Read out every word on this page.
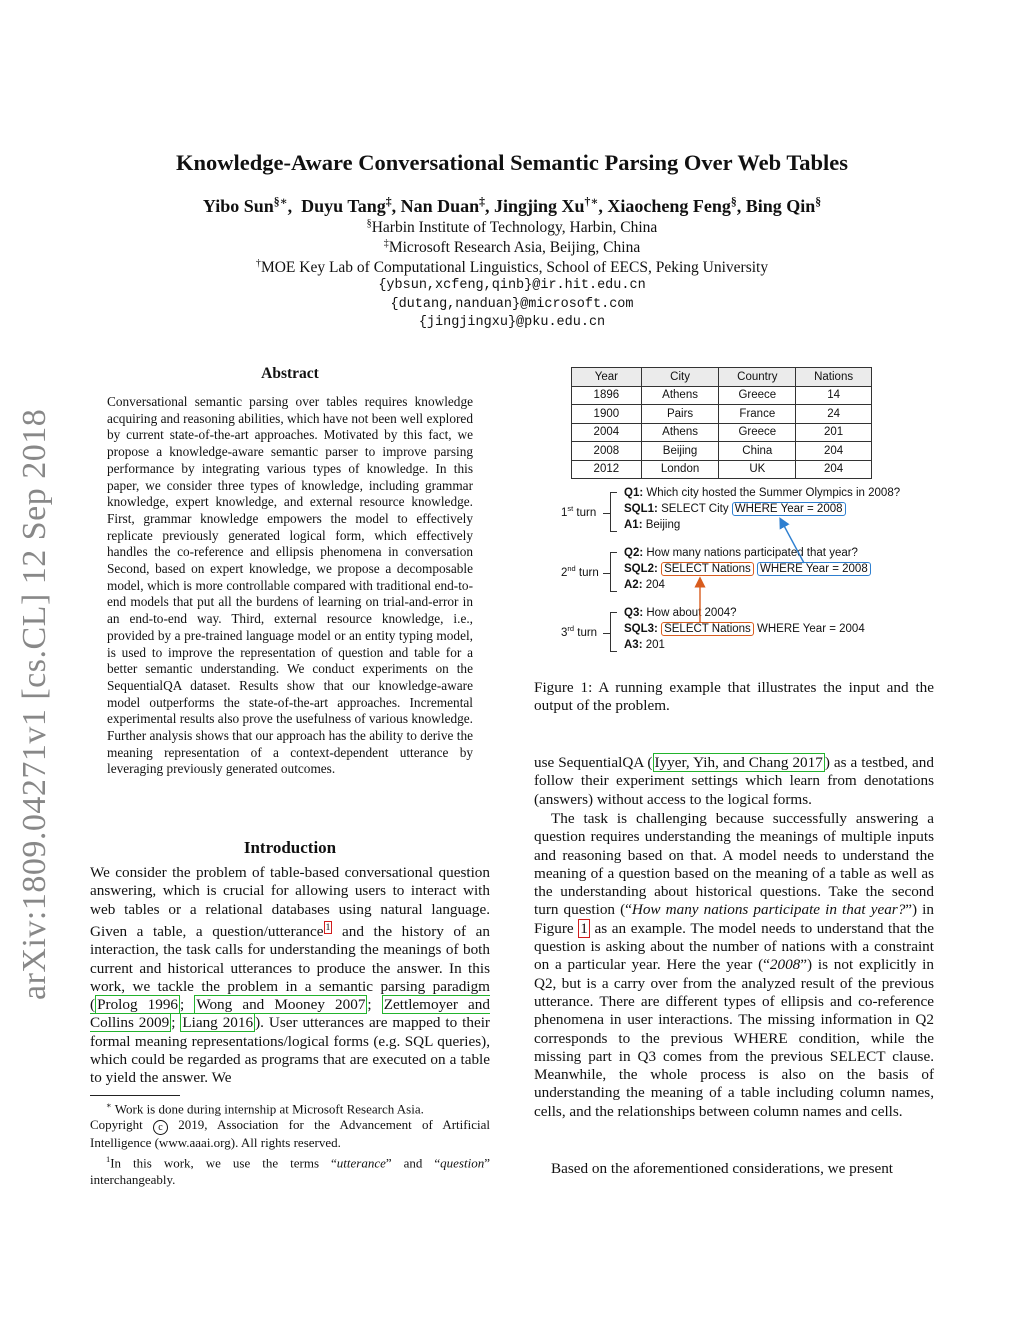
Knowledge-Aware Conversational Semantic Parsing Over Web Tables
Yibo Sun§∗,  Duyu Tang‡, Nan Duan‡, Jingjing Xu†∗, Xiaocheng Feng§, Bing Qin§
§Harbin Institute of Technology, Harbin, China
‡Microsoft Research Asia, Beijing, China
†MOE Key Lab of Computational Linguistics, School of EECS, Peking University
{ybsun,xcfeng,qinb}@ir.hit.edu.cn
{dutang,nanduan}@microsoft.com
{jingjingxu}@pku.edu.cn
arXiv:1809.04271v1 [cs.CL] 12 Sep 2018
Abstract
Conversational semantic parsing over tables requires knowledge acquiring and reasoning abilities, which have not been well explored by current state-of-the-art approaches. Motivated by this fact, we propose a knowledge-aware semantic parser to improve parsing performance by integrating various types of knowledge. In this paper, we consider three types of knowledge, including grammar knowledge, expert knowledge, and external resource knowledge. First, grammar knowledge empowers the model to effectively replicate previously generated logical form, which effectively handles the co-reference and ellipsis phenomena in conversation Second, based on expert knowledge, we propose a decomposable model, which is more controllable compared with traditional end-to-end models that put all the burdens of learning on trial-and-error in an end-to-end way. Third, external resource knowledge, i.e., provided by a pre-trained language model or an entity typing model, is used to improve the representation of question and table for a better semantic understanding. We conduct experiments on the SequentialQA dataset. Results show that our knowledge-aware model outperforms the state-of-the-art approaches. Incremental experimental results also prove the usefulness of various knowledge. Further analysis shows that our approach has the ability to derive the meaning representation of a context-dependent utterance by leveraging previously generated outcomes.
Introduction
We consider the problem of table-based conversational question answering, which is crucial for allowing users to interact with web tables or a relational databases using natural language. Given a table, a question/utterance $^1$ and the history of an interaction, the task calls for understanding the meanings of both current and historical utterances to produce the answer. In this work, we tackle the problem in a semantic parsing paradigm ( Prolog 1996 ; Wong and Mooney 2007 ; Zettlemoyer and Collins 2009 ; Liang 2016 ). User utterances are mapped to their formal meaning representations/logical forms (e.g. SQL queries), which could be regarded as programs that are executed on a table to yield the answer. We
∗ Work is done during internship at Microsoft Research Asia.
Copyright c 2019, Association for the Advancement of Artificial Intelligence (www.aaai.org). All rights reserved.
$^1$In this work, we use the terms “utterance” and “question” interchangeably.
Year	City	Country	Nations
1896	Athens	Greece	14
1900	Pairs	France	24
2004	Athens	Greece	201
2008	Beijing	China	204
2012	London	UK	204
1st turn
Q1: Which city hosted the Summer Olympics in 2008?
SQL1: SELECT City WHERE Year = 2008
A1: Beijing
2nd turn
Q2: How many nations participated that year?
SQL2: SELECT Nations WHERE Year = 2008
A2: 204
3rd turn
Q3: How about 2004?
SQL3: SELECT Nations WHERE Year = 2004
A3: 201
Figure 1: A running example that illustrates the input and the output of the problem.
use SequentialQA ( Iyyer, Yih, and Chang 2017 ) as a testbed, and follow their experiment settings which learn from denotations (answers) without access to the logical forms.
The task is challenging because successfully answering a question requires understanding the meanings of multiple inputs and reasoning based on that. A model needs to understand the meaning of a question based on the meaning of a table as well as the understanding about historical questions. Take the second turn question (“How many nations participate in that year?”) in Figure 1 as an example. The model needs to understand that the question is asking about the number of nations with a constraint on a particular year. Here the year (“2008”) is not explicitly in Q2, but is a carry over from the analyzed result of the previous utterance. There are different types of ellipsis and co-reference phenomena in user interactions. The missing information in Q2 corresponds to the previous WHERE condition, while the missing part in Q3 comes from the previous SELECT clause. Meanwhile, the whole process is also on the basis of understanding the meaning of a table including column names, cells, and the relationships between column names and cells.
Based on the aforementioned considerations, we present
